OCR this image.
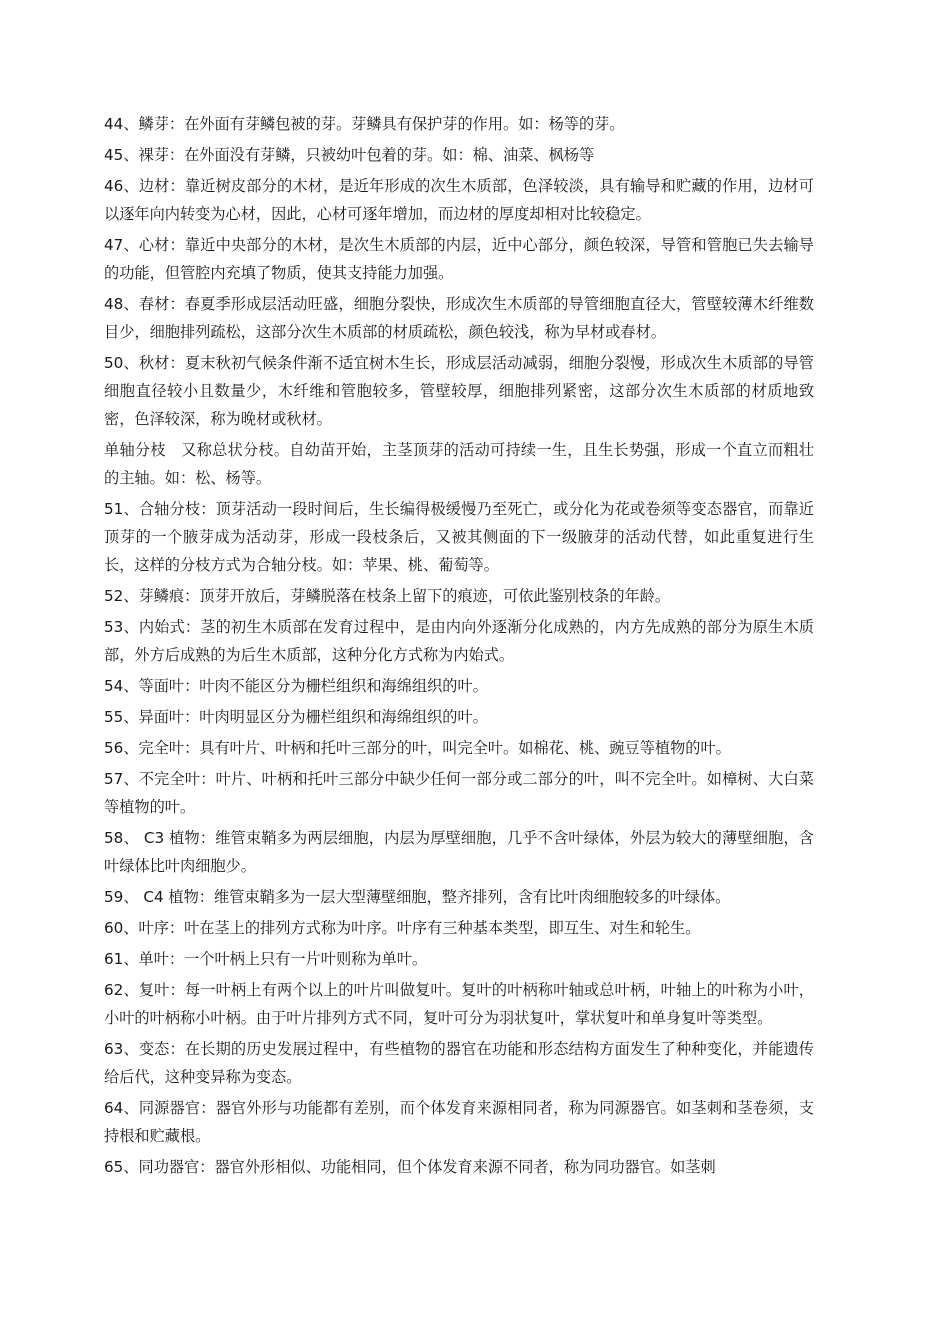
44、鳞芽：在外面有芽鳞包被的芽。芽鳞具有保护芽的作用。如：杨等的芽。

45、裸芽：在外面没有芽鳞，只被幼叶包着的芽。如：棉、油菜、枫杨等

46、边材：靠近树皮部分的木材，是近年形成的次生木质部，色泽较淡，具有输导和贮藏的作用，边材可以逐年向内转变为心材，因此，心材可逐年增加，而边材的厚度却相对比较稳定。

47、心材：靠近中央部分的木材，是次生木质部的内层，近中心部分，颜色较深，导管和管胞已失去输导的功能，但管腔内充填了物质，使其支持能力加强。

48、春材：春夏季形成层活动旺盛，细胞分裂快，形成次生木质部的导管细胞直径大，管壁较薄木纤维数目少，细胞排列疏松，这部分次生木质部的材质疏松，颜色较浅，称为早材或春材。

50、秋材：夏末秋初气候条件渐不适宜树木生长，形成层活动减弱，细胞分裂慢，形成次生木质部的导管细胞直径较小且数量少，木纤维和管胞较多，管壁较厚，细胞排列紧密，这部分次生木质部的材质地致密，色泽较深，称为晚材或秋材。

单轴分枝　又称总状分枝。自幼苗开始，主茎顶芽的活动可持续一生，且生长势强，形成一个直立而粗壮的主轴。如：松、杨等。

51、合轴分枝：顶芽活动一段时间后，生长编得极缓慢乃至死亡，或分化为花或卷须等变态器官，而靠近顶芽的一个腋芽成为活动芽，形成一段枝条后，又被其侧面的下一级腋芽的活动代替，如此重复进行生长，这样的分枝方式为合轴分枝。如：苹果、桃、葡萄等。

52、芽鳞痕：顶芽开放后，芽鳞脱落在枝条上留下的痕迹，可依此鉴别枝条的年龄。

53、内始式：茎的初生木质部在发育过程中，是由内向外逐渐分化成熟的，内方先成熟的部分为原生木质部，外方后成熟的为后生木质部，这种分化方式称为内始式。

54、等面叶：叶肉不能区分为栅栏组织和海绵组织的叶。

55、异面叶：叶肉明显区分为栅栏组织和海绵组织的叶。

56、完全叶：具有叶片、叶柄和托叶三部分的叶，叫完全叶。如棉花、桃、豌豆等植物的叶。

57、不完全叶：叶片、叶柄和托叶三部分中缺少任何一部分或二部分的叶，叫不完全叶。如樟树、大白菜等植物的叶。

58、 C3 植物：维管束鞘多为两层细胞，内层为厚壁细胞，几乎不含叶绿体，外层为较大的薄壁细胞，含叶绿体比叶肉细胞少。

59、 C4 植物：维管束鞘多为一层大型薄壁细胞，整齐排列，含有比叶肉细胞较多的叶绿体。

60、叶序：叶在茎上的排列方式称为叶序。叶序有三种基本类型，即互生、对生和轮生。

61、单叶：一个叶柄上只有一片叶则称为单叶。

62、复叶：每一叶柄上有两个以上的叶片叫做复叶。复叶的叶柄称叶轴或总叶柄，叶轴上的叶称为小叶，小叶的叶柄称小叶柄。由于叶片排列方式不同，复叶可分为羽状复叶，掌状复叶和单身复叶等类型。

63、变态：在长期的历史发展过程中，有些植物的器官在功能和形态结构方面发生了种种变化，并能遗传给后代，这种变异称为变态。

64、同源器官：器官外形与功能都有差别，而个体发育来源相同者，称为同源器官。如茎刺和茎卷须，支持根和贮藏根。

65、同功器官：器官外形相似、功能相同，但个体发育来源不同者，称为同功器官。如茎刺
